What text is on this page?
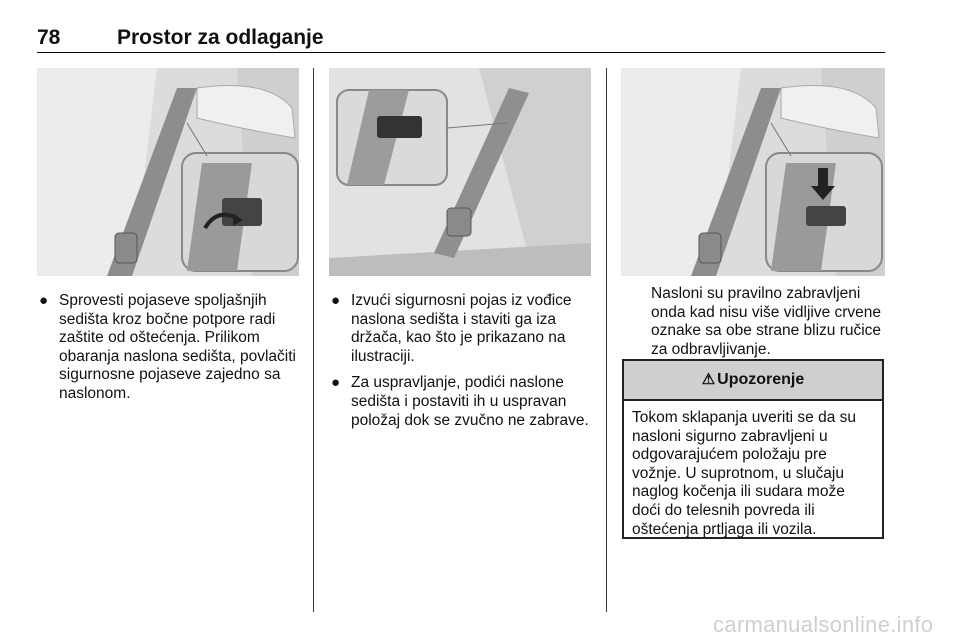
78	Prostor za odlaganje
● Sprovesti pojaseve spoljašnjih sedišta kroz bočne potpore radi zaštite od oštećenja. Prilikom obaranja naslona sedišta, povlačiti sigurnosne pojaseve zajedno sa naslonom.
● Izvući sigurnosni pojas iz vođice naslona sedišta i staviti ga iza držača, kao što je prikazano na ilustraciji.
● Za uspravljanje, podići naslone sedišta i postaviti ih u uspravan položaj dok se zvučno ne zabrave.
Nasloni su pravilno zabravljeni onda kad nisu više vidljive crvene oznake sa obe strane blizu ručice za odbravljivanje.
⚠ Upozorenje
Tokom sklapanja uveriti se da su nasloni sigurno zabravljeni u odgovarajućem položaju pre vožnje. U suprotnom, u slučaju naglog kočenja ili sudara može doći do telesnih povreda ili oštećenja prtljaga ili vozila.
carmanualsonline.info
